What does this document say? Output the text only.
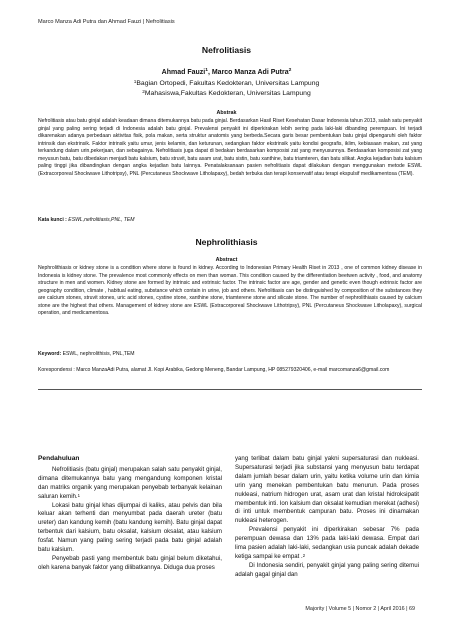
Marco Manza Adi Putra dan Ahmad Fauzi | Nefrolitiasis
Nefrolitiasis
Ahmad Fauzi$^1$, Marco Manza Adi Putra$^2$
$^1$Bagian Ortopedi, Fakultas Kedokteran, Universitas Lampung
$^2$Mahasiswa,Fakultas Kedokteran, Universitas Lampung
Abstrak

Nefrolitiasis atau batu ginjal adalah keadaan dimana ditemukannya batu pada ginjal. Berdasarkan Hasil Riset Kesehatan Dasar Indonesia tahun 2013, salah satu penyakit ginjal yang paling sering terjadi di Indonesia adalah batu ginjal. Prevalensi penyakit ini diperkirakan lebih sering pada laki-laki dibanding perempuan. Ini terjadi dikarenakan adanya perbedaan aktivitas fisik, pola makan, serta struktur anatomis yang berbeda.Secara garis besar pembentukan batu ginjal dipengaruhi oleh faktor intrinsik dan ekstrinsik. Faktor intrinsik yaitu umur, jenis kelamin, dan keturunan, sedangkan faktor ekstrinsik yaitu kondisi geografis, iklim, kebiasaan makan, zat yang terkandung dalam urin,pekerjaan, dan sebagainya. Nefrolitiasis juga dapat di bedakan berdasarkan komposisi zat yang menyusunnya. Berdasarkan komposisi zat yang meyusun batu, batu dibedakan menjadi batu kalsium, batu struvit, batu asam urat, batu sistin, batu xanthine, batu triamteren, dan batu silikat. Angka kejadian batu kalsium paling tinggi jika dibandingkan dengan angka kejadian batu lainnya. Penatalaksanaan pasien nefrolitiasis dapat dilakukan dengan menggunakan metode ESWL (Extracorporeal Shockwave Lithotripsy), PNL (Percutaneus Shockwave Litholapaxy), bedah terbuka dan terapi konservatif atau terapi ekspulsif medikamentosa (TEM).

Kata kunci : ESWL,nefrolitiasis,PNL, TEM
Nephrolithiasis
Abstract

Nephrolithiasis or kidney stone is a condition where stone is found in kidney. According to Indonesian Primary Health Riset in 2013 , one of common kidney disease in Indonesia is kidney stone. The prevalence most commonly effects on men than woman. This condition caused by the differentiation beetwen activity , food, and anatomy structure in men and women. Kidney stone are formed by intrinsic and extrinsic factor. The intrinsic factor are age, gender and genetic even though extrinsic factor are geography condition, climate , habitual eating, substance which contain in urine, job and others. Nefrolitiasis can be distinguished by composition of the substances they are calcium stones, struvit stones, uric acid stones, cystine stone, xanthine stone, triamterene stone and silicate stone. The number of nephrolithiasis caused by calcium stone are the highest that others. Management of kidney stone are ESWL (Extracorporeal Shockwave Lithotripsy), PNL (Percutaneus Shockwave Litholapaxy), surgical operation, and medicamentosa.

Keyword: ESWL, nephrolithisis, PNL,TEM

Korespondensi : Marco ManzaAdi Putra, alamat Jl. Kopi Arabika, Gedong Meneng, Bandar Lampung, HP 085279320406, e-mail marcomanza6@gmail.com

Pendahuluan

Nefrolitiasis (batu ginjal) merupakan salah satu penyakit ginjal, dimana ditemukannya batu yang mengandung komponen kristal dan matriks organik yang merupakan penyebab terbanyak kelainan saluran kemih.$^1$

Lokasi batu ginjal khas dijumpai di kaliks, atau pelvis dan bila keluar akan terhenti dan menyumbat pada daerah ureter (batu ureter) dan kandung kemih (batu kandung kemih). Batu ginjal dapat terbentuk dari kalsium, batu oksalat, kalsium oksalat, atau kalsium fosfat. Namun yang paling sering terjadi pada batu ginjal adalah batu kalsium.

Penyebab pasti yang membentuk batu ginjal belum diketahui, oleh karena banyak faktor yang dilibatkannya. Diduga dua proses

yang terlibat dalam batu ginjal yakni supersaturasi dan nukleasi. Supersaturasi terjadi jika substansi yang menyusun batu terdapat dalam jumlah besar dalam urin, yaitu ketika volume urin dan kimia urin yang menekan pembentukan batu menurun. Pada proses nukleasi, natrium hidrogen urat, asam urat dan kristal hidroksipatit membentuk inti. Ion kalsium dan oksalat kemudian merekat (adhesi) di inti untuk membentuk campuran batu. Proses ini dinamakan nukleasi heterogen.

Prevalensi penyakit ini diperkirakan sebesar 7% pada perempuan dewasa dan 13% pada laki-laki dewasa. Empat dari lima pasien adalah laki-laki, sedangkan usia puncak adalah dekade ketiga sampai ke empat .$^2$

Di Indonesia sendiri, penyakit ginjal yang paling sering ditemui adalah gagal ginjal dan

Majority | Volume 5 | Nomor 2 | April 2016 | 69
